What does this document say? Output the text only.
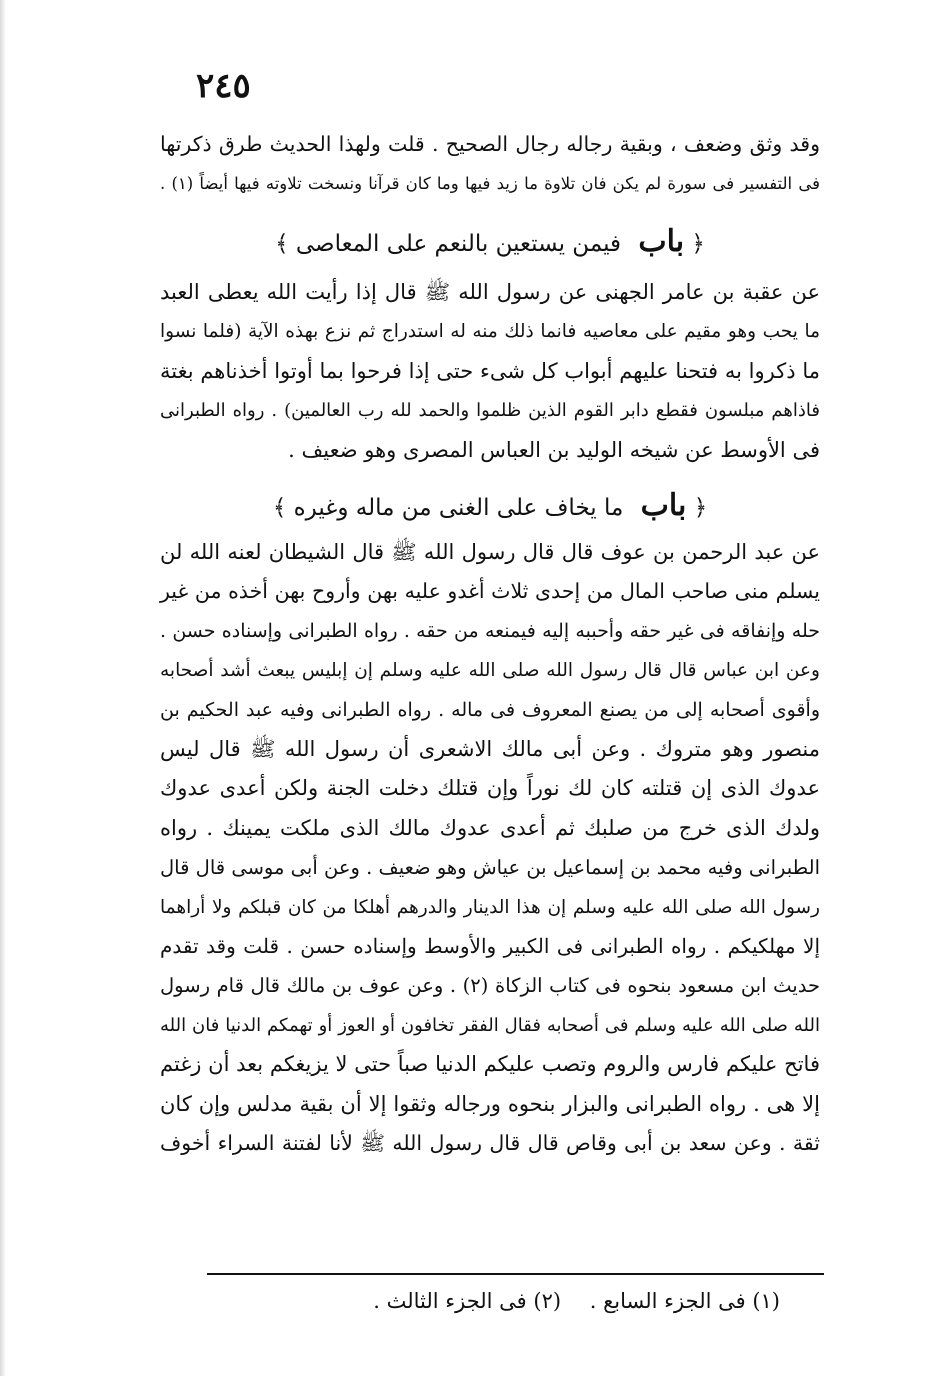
٢٤٥
وقد وثق وضعف ، وبقية رجاله رجال الصحيح . قلت ولهذا الحديث طرق ذكرتها
فى التفسير فى سورة لم يكن فان تلاوة ما زيد فيها وما كان قرآنا ونسخت تلاوته فيها أيضاً (١) .
﴿ باب فيمن يستعين بالنعم على المعاصى ﴾
عن عقبة بن عامر الجهنى عن رسول الله ﷺ قال إذا رأيت الله يعطى العبد
ما يحب وهو مقيم على معاصيه فانما ذلك منه له استدراج ثم نزع بهذه الآية (فلما نسوا
ما ذكروا به فتحنا عليهم أبواب كل شىء حتى إذا فرحوا بما أوتوا أخذناهم بغتة
فاذاهم مبلسون فقطع دابر القوم الذين ظلموا والحمد لله رب العالمين) . رواه الطبرانى
فى الأوسط عن شيخه الوليد بن العباس المصرى وهو ضعيف .
﴿ باب ما يخاف على الغنى من ماله وغيره ﴾
عن عبد الرحمن بن عوف قال قال رسول الله ﷺ قال الشيطان لعنه الله لن
يسلم منى صاحب المال من إحدى ثلاث أغدو عليه بهن وأروح بهن أخذه من غير
حله وإنفاقه فى غير حقه وأحببه إليه فيمنعه من حقه . رواه الطبرانى وإسناده حسن .
وعن ابن عباس قال قال رسول الله صلى الله عليه وسلم إن إبليس يبعث أشد أصحابه
وأقوى أصحابه إلى من يصنع المعروف فى ماله . رواه الطبرانى وفيه عبد الحكيم بن
منصور وهو متروك . وعن أبى مالك الاشعرى أن رسول الله ﷺ قال ليس
عدوك الذى إن قتلته كان لك نوراً وإن قتلك دخلت الجنة ولكن أعدى عدوك
ولدك الذى خرج من صلبك ثم أعدى عدوك مالك الذى ملكت يمينك . رواه
الطبرانى وفيه محمد بن إسماعيل بن عياش وهو ضعيف . وعن أبى موسى قال قال
رسول الله صلى الله عليه وسلم إن هذا الدينار والدرهم أهلكا من كان قبلكم ولا أراهما
إلا مهلكيكم . رواه الطبرانى فى الكبير والأوسط وإسناده حسن . قلت وقد تقدم
حديث ابن مسعود بنحوه فى كتاب الزكاة (٢) . وعن عوف بن مالك قال قام رسول
الله صلى الله عليه وسلم فى أصحابه فقال الفقر تخافون أو العوز أو تهمكم الدنيا فان الله
فاتح عليكم فارس والروم وتصب عليكم الدنيا صباً حتى لا يزيغكم بعد أن زغتم
إلا هى . رواه الطبرانى والبزار بنحوه ورجاله وثقوا إلا أن بقية مدلس وإن كان
ثقة . وعن سعد بن أبى وقاص قال قال رسول الله ﷺ لأنا لفتنة السراء أخوف
(١) فى الجزء السابع . (٢) فى الجزء الثالث .
